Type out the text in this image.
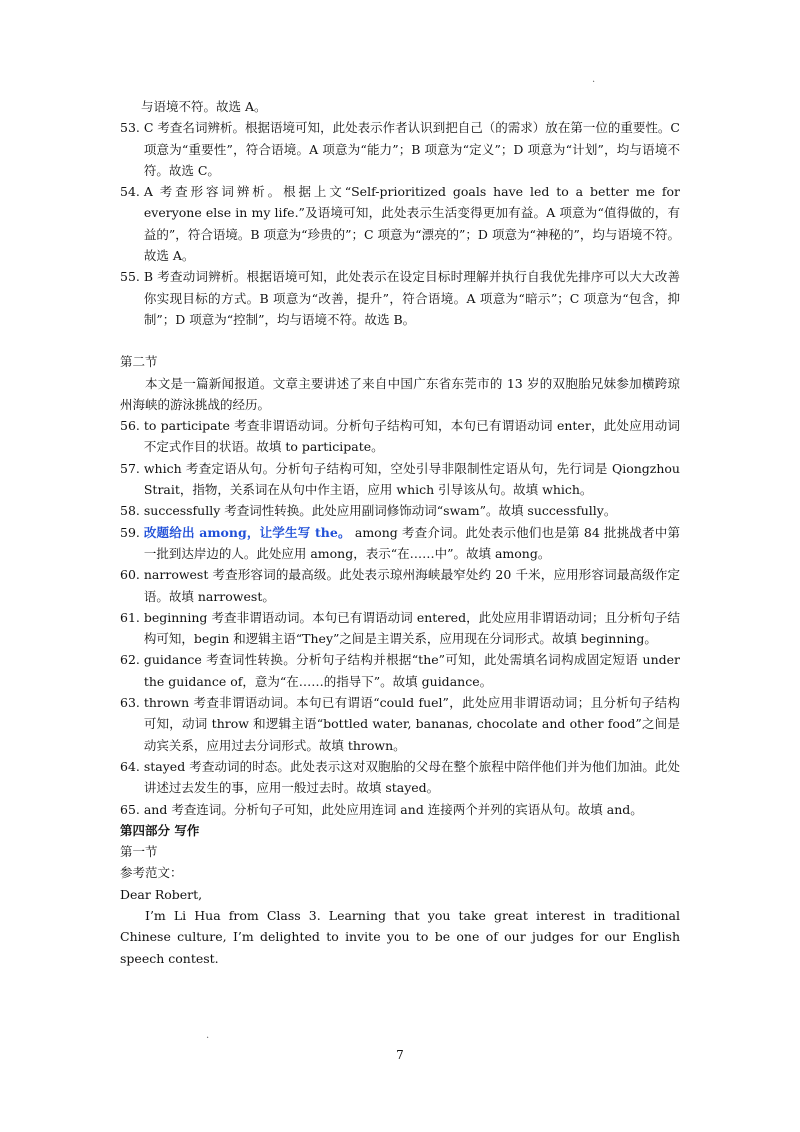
.
与语境不符。故选 A。
53. C 考查名词辨析。根据语境可知，此处表示作者认识到把自己（的需求）放在第一位的重要性。C 项意为“重要性”，符合语境。A 项意为“能力”；B 项意为“定义”；D 项意为“计划”，均与语境不符。故选 C。
54. A 考查形容词辨析。根据上文“Self-prioritized goals have led to a better me for everyone else in my life.”及语境可知，此处表示生活变得更加有益。A 项意为“值得做的，有益的”，符合语境。B 项意为“珍贵的”；C 项意为“漂亮的”；D 项意为“神秘的”，均与语境不符。故选 A。
55. B 考查动词辨析。根据语境可知，此处表示在设定目标时理解并执行自我优先排序可以大大改善你实现目标的方式。B 项意为“改善，提升”，符合语境。A 项意为“暗示”；C 项意为“包含，抑制”；D 项意为“控制”，均与语境不符。故选 B。
第二节
本文是一篇新闻报道。文章主要讲述了来自中国广东省东莞市的 13 岁的双胞胎兄妹参加横跨琼州海峡的游泳挑战的经历。
56. to participate 考查非谓语动词。分析句子结构可知，本句已有谓语动词 enter，此处应用动词不定式作目的状语。故填 to participate。
57. which 考查定语从句。分析句子结构可知，空处引导非限制性定语从句，先行词是 Qiongzhou Strait，指物，关系词在从句中作主语，应用 which 引导该从句。故填 which。
58. successfully 考查词性转换。此处应用副词修饰动词“swam”。故填 successfully。
59. 改题给出 among，让学生写 the。 among 考查介词。此处表示他们也是第 84 批挑战者中第一批到达岸边的人。此处应用 among，表示“在……中”。故填 among。
60. narrowest 考查形容词的最高级。此处表示琼州海峡最窄处约 20 千米，应用形容词最高级作定语。故填 narrowest。
61. beginning 考查非谓语动词。本句已有谓语动词 entered，此处应用非谓语动词；且分析句子结构可知，begin 和逻辑主语“They”之间是主谓关系，应用现在分词形式。故填 beginning。
62. guidance 考查词性转换。分析句子结构并根据“the”可知，此处需填名词构成固定短语 under the guidance of，意为“在……的指导下”。故填 guidance。
63. thrown 考查非谓语动词。本句已有谓语“could fuel”，此处应用非谓语动词；且分析句子结构可知，动词 throw 和逻辑主语“bottled water, bananas, chocolate and other food”之间是动宾关系，应用过去分词形式。故填 thrown。
64. stayed 考查动词的时态。此处表示这对双胞胎的父母在整个旅程中陪伴他们并为他们加油。此处讲述过去发生的事，应用一般过去时。故填 stayed。
65. and 考查连词。分析句子可知，此处应用连词 and 连接两个并列的宾语从句。故填 and。
第四部分 写作
第一节
参考范文：
Dear Robert,
I’m Li Hua from Class 3. Learning that you take great interest in traditional Chinese culture, I’m delighted to invite you to be one of our judges for our English speech contest.
.
7
